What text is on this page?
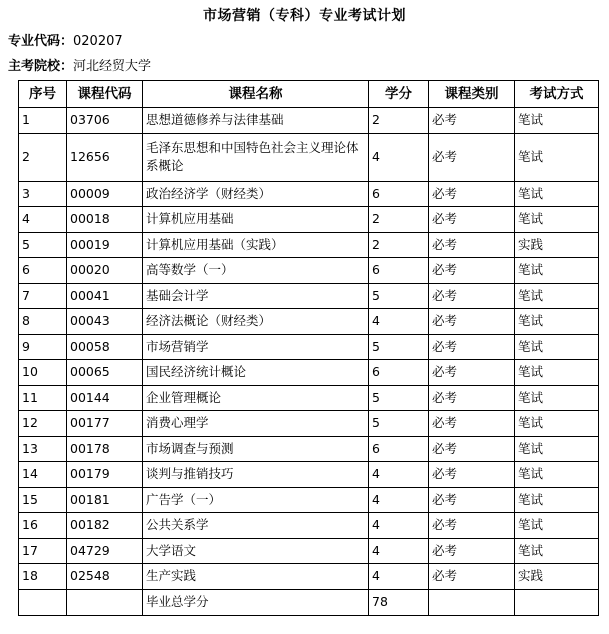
市场营销（专科）专业考试计划
专业代码：020207
主考院校：河北经贸大学
序号	课程代码	课程名称	学分	课程类别	考试方式
1	03706	思想道德修养与法律基础	2	必考	笔试
2	12656	毛泽东思想和中国特色社会主义理论体系概论	4	必考	笔试
3	00009	政治经济学（财经类）	6	必考	笔试
4	00018	计算机应用基础	2	必考	笔试
5	00019	计算机应用基础（实践）	2	必考	实践
6	00020	高等数学（一）	6	必考	笔试
7	00041	基础会计学	5	必考	笔试
8	00043	经济法概论（财经类）	4	必考	笔试
9	00058	市场营销学	5	必考	笔试
10	00065	国民经济统计概论	6	必考	笔试
11	00144	企业管理概论	5	必考	笔试
12	00177	消费心理学	5	必考	笔试
13	00178	市场调查与预测	6	必考	笔试
14	00179	谈判与推销技巧	4	必考	笔试
15	00181	广告学（一）	4	必考	笔试
16	00182	公共关系学	4	必考	笔试
17	04729	大学语文	4	必考	笔试
18	02548	生产实践	4	必考	实践
		毕业总学分	78		
